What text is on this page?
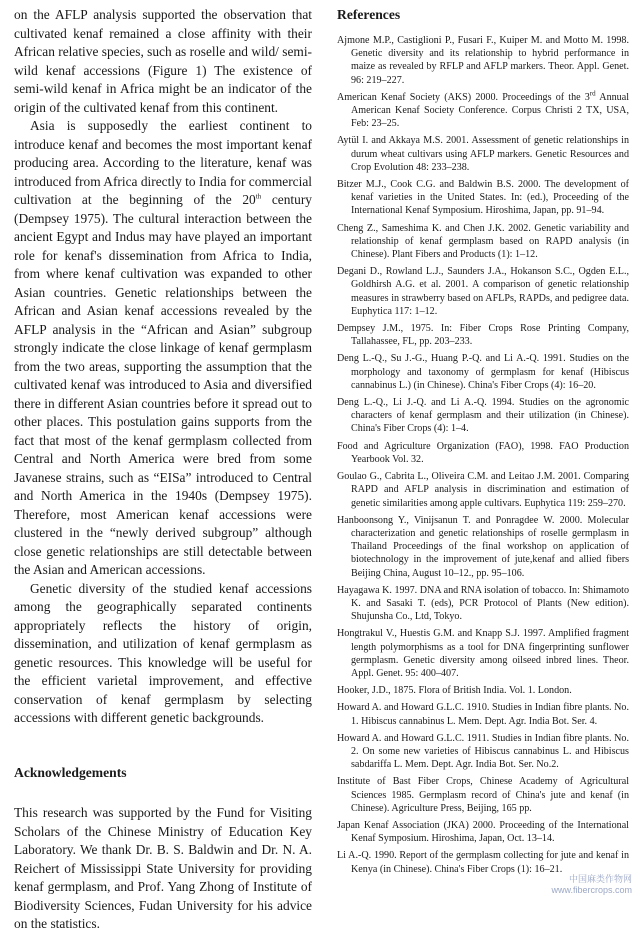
on the AFLP analysis supported the observation that cultivated kenaf remained a close affinity with their African relative species, such as roselle and wild/ semi-wild kenaf accessions (Figure 1) The existence of semi-wild kenaf in Africa might be an indicator of the origin of the cultivated kenaf from this continent.

Asia is supposedly the earliest continent to introduce kenaf and becomes the most important kenaf producing area. According to the literature, kenaf was introduced from Africa directly to India for commercial cultivation at the beginning of the 20th century (Dempsey 1975). The cultural interaction between the ancient Egypt and Indus may have played an important role for kenaf's dissemination from Africa to India, from where kenaf cultivation was expanded to other Asian countries. Genetic relationships between the African and Asian kenaf accessions revealed by the AFLP analysis in the “African and Asian” subgroup strongly indicate the close linkage of kenaf germplasm from the two areas, supporting the assumption that the cultivated kenaf was introduced to Asia and diversified there in different Asian countries before it spread out to other places. This postulation gains supports from the fact that most of the kenaf germplasm collected from Central and North America were bred from some Javanese strains, such as “EISa” introduced to Central and North America in the 1940s (Dempsey 1975). Therefore, most American kenaf accessions were clustered in the “newly derived subgroup” although close genetic relationships are still detectable between the Asian and American accessions.

Genetic diversity of the studied kenaf accessions among the geographically separated continents appropriately reflects the history of origin, dissemination, and utilization of kenaf germplasm as genetic resources. This knowledge will be useful for the efficient varietal improvement, and effective conservation of kenaf germplasm by selecting accessions with different genetic backgrounds.

Acknowledgements

This research was supported by the Fund for Visiting Scholars of the Chinese Ministry of Education Key Laboratory. We thank Dr. B. S. Baldwin and Dr. N. A. Reichert of Mississippi State University for providing kenaf germplasm, and Prof. Yang Zhong of Institute of Biodiversity Sciences, Fudan University for his advice on the statistics.

References

Ajmone M.P., Castiglioni P., Fusari F., Kuiper M. and Motto M. 1998. Genetic diversity and its relationship to hybrid performance in maize as revealed by RFLP and AFLP markers. Theor. Appl. Genet. 96: 219–227.

American Kenaf Society (AKS) 2000. Proceedings of the 3rd Annual American Kenaf Society Conference. Corpus Christi 2 TX, USA, Feb: 23–25.

Aytül I. and Akkaya M.S. 2001. Assessment of genetic relationships in durum wheat cultivars using AFLP markers. Genetic Resources and Crop Evolution 48: 233–238.

Bitzer M.J., Cook C.G. and Baldwin B.S. 2000. The development of kenaf varieties in the United States. In: (ed.), Proceeding of the International Kenaf Symposium. Hiroshima, Japan, pp. 91–94.

Cheng Z., Sameshima K. and Chen J.K. 2002. Genetic variability and relationship of kenaf germplasm based on RAPD analysis (in Chinese). Plant Fibers and Products (1): 1–12.

Degani D., Rowland L.J., Saunders J.A., Hokanson S.C., Ogden E.L., Goldhirsh A.G. et al. 2001. A comparison of genetic relationship measures in strawberry based on AFLPs, RAPDs, and pedigree data. Euphytica 117: 1–12.

Dempsey J.M., 1975. In: Fiber Crops Rose Printing Company, Tallahassee, FL, pp. 203–233.

Deng L.-Q., Su J.-G., Huang P.-Q. and Li A.-Q. 1991. Studies on the morphology and taxonomy of germplasm for kenaf (Hibiscus cannabinus L.) (in Chinese). China's Fiber Crops (4): 16–20.

Deng L.-Q., Li J.-Q. and Li A.-Q. 1994. Studies on the agronomic characters of kenaf germplasm and their utilization (in Chinese). China's Fiber Crops (4): 1–4.

Food and Agriculture Organization (FAO), 1998. FAO Production Yearbook Vol. 32.

Goulao G., Cabrita L., Oliveira C.M. and Leitao J.M. 2001. Comparing RAPD and AFLP analysis in discrimination and estimation of genetic similarities among apple cultivars. Euphytica 119: 259–270.

Hanboonsong Y., Vinijsanun T. and Ponragdee W. 2000. Molecular characterization and genetic relationships of roselle germplasm in Thailand Proceedings of the final workshop on application of biotechnology in the improvement of jute,kenaf and allied fibers Beijing China, August 10–12., pp. 95–106.

Hayagawa K. 1997. DNA and RNA isolation of tobacco. In: Shimamoto K. and Sasaki T. (eds), PCR Protocol of Plants (New edition). Shujunsha Co., Ltd, Tokyo.

Hongtrakul V., Huestis G.M. and Knapp S.J. 1997. Amplified fragment length polymorphisms as a tool for DNA fingerprinting sunflower germplasm. Genetic diversity among oilseed inbred lines. Theor. Appl. Genet. 95: 400–407.

Hooker, J.D., 1875. Flora of British India. Vol. 1. London.

Howard A. and Howard G.L.C. 1910. Studies in Indian fibre plants. No. 1. Hibiscus cannabinus L. Mem. Dept. Agr. India Bot. Ser. 4.

Howard A. and Howard G.L.C. 1911. Studies in Indian fibre plants. No. 2. On some new varieties of Hibiscus cannabinus L. and Hibiscus sabdariffa L. Mem. Dept. Agr. India Bot. Ser. No.2.

Institute of Bast Fiber Crops, Chinese Academy of Agricultural Sciences 1985. Germplasm record of China's jute and kenaf (in Chinese). Agriculture Press, Beijing, 165 pp.

Japan Kenaf Association (JKA) 2000. Proceeding of the International Kenaf Symposium. Hiroshima, Japan, Oct. 13–14.

Li A.-Q. 1990. Report of the germplasm collecting for jute and kenaf in Kenya (in Chinese). China's Fiber Crops (1): 16–21.

中国麻类作物网
www.fibercrops.com
